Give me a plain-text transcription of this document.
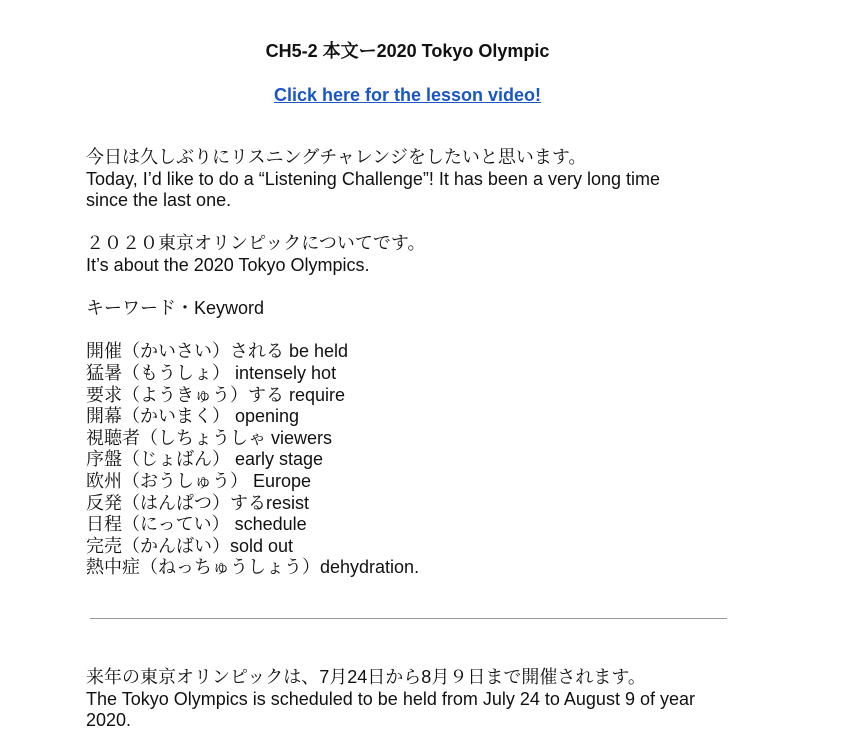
CH5-2 本文ー2020 Tokyo Olympic
Click here for the lesson video!
今日は久しぶりにリスニングチャレンジをしたいと思います。
Today, I’d like to do a “Listening Challenge”! It has been a very long time
since the last one.
２０２０東京オリンピックについてです。
It’s about the 2020 Tokyo Olympics.
キーワード・Keyword
開催（かいさい）される be held
猛暑（もうしょ） intensely hot
要求（ようきゅう）する require
開幕（かいまく） opening
視聴者（しちょうしゃ viewers
序盤（じょばん） early stage
欧州（おうしゅう） Europe
反発（はんぱつ）するresist
日程（にってい） schedule
完売（かんばい）sold out
熱中症（ねっちゅうしょう）dehydration.
来年の東京オリンピックは、7月24日から8月９日まで開催されます。
The Tokyo Olympics is scheduled to be held from July 24 to August 9 of year
2020.
